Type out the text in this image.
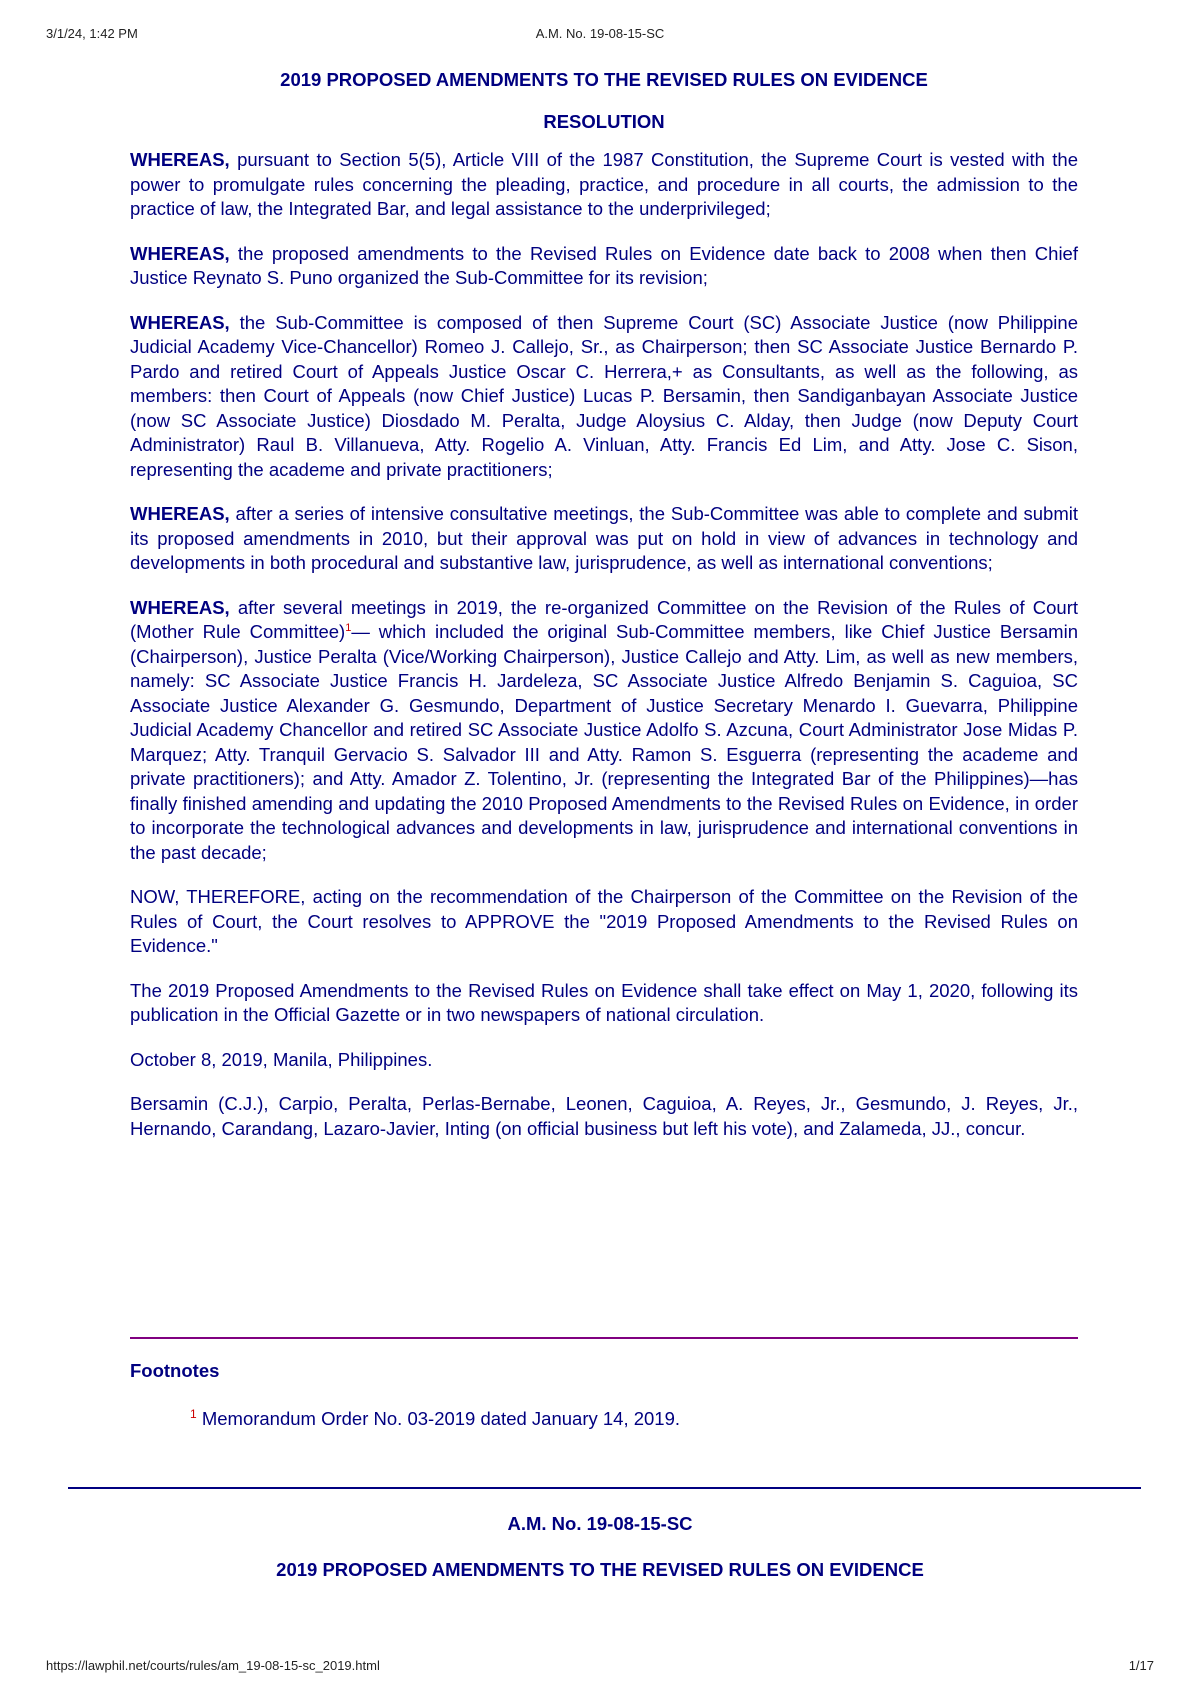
3/1/24, 1:42 PM	A.M. No. 19-08-15-SC
2019 PROPOSED AMENDMENTS TO THE REVISED RULES ON EVIDENCE
RESOLUTION

WHEREAS, pursuant to Section 5(5), Article VIII of the 1987 Constitution, the Supreme Court is vested with the power to promulgate rules concerning the pleading, practice, and procedure in all courts, the admission to the practice of law, the Integrated Bar, and legal assistance to the underprivileged;

WHEREAS, the proposed amendments to the Revised Rules on Evidence date back to 2008 when then Chief Justice Reynato S. Puno organized the Sub-Committee for its revision;

WHEREAS, the Sub-Committee is composed of then Supreme Court (SC) Associate Justice (now Philippine Judicial Academy Vice-Chancellor) Romeo J. Callejo, Sr., as Chairperson; then SC Associate Justice Bernardo P. Pardo and retired Court of Appeals Justice Oscar C. Herrera,+ as Consultants, as well as the following, as members: then Court of Appeals (now Chief Justice) Lucas P. Bersamin, then Sandiganbayan Associate Justice (now SC Associate Justice) Diosdado M. Peralta, Judge Aloysius C. Alday, then Judge (now Deputy Court Administrator) Raul B. Villanueva, Atty. Rogelio A. Vinluan, Atty. Francis Ed Lim, and Atty. Jose C. Sison, representing the academe and private practitioners;

WHEREAS, after a series of intensive consultative meetings, the Sub-Committee was able to complete and submit its proposed amendments in 2010, but their approval was put on hold in view of advances in technology and developments in both procedural and substantive law, jurisprudence, as well as international conventions;

WHEREAS, after several meetings in 2019, the re-organized Committee on the Revision of the Rules of Court (Mother Rule Committee)$^1$— which included the original Sub-Committee members, like Chief Justice Bersamin (Chairperson), Justice Peralta (Vice/Working Chairperson), Justice Callejo and Atty. Lim, as well as new members, namely: SC Associate Justice Francis H. Jardeleza, SC Associate Justice Alfredo Benjamin S. Caguioa, SC Associate Justice Alexander G. Gesmundo, Department of Justice Secretary Menardo I. Guevarra, Philippine Judicial Academy Chancellor and retired SC Associate Justice Adolfo S. Azcuna, Court Administrator Jose Midas P. Marquez; Atty. Tranquil Gervacio S. Salvador III and Atty. Ramon S. Esguerra (representing the academe and private practitioners); and Atty. Amador Z. Tolentino, Jr. (representing the Integrated Bar of the Philippines)—has finally finished amending and updating the 2010 Proposed Amendments to the Revised Rules on Evidence, in order to incorporate the technological advances and developments in law, jurisprudence and international conventions in the past decade;

NOW, THEREFORE, acting on the recommendation of the Chairperson of the Committee on the Revision of the Rules of Court, the Court resolves to APPROVE the "2019 Proposed Amendments to the Revised Rules on Evidence."

The 2019 Proposed Amendments to the Revised Rules on Evidence shall take effect on May 1, 2020, following its publication in the Official Gazette or in two newspapers of national circulation.

October 8, 2019, Manila, Philippines.

Bersamin (C.J.), Carpio, Peralta, Perlas-Bernabe, Leonen, Caguioa, A. Reyes, Jr., Gesmundo, J. Reyes, Jr., Hernando, Carandang, Lazaro-Javier, Inting (on official business but left his vote), and Zalameda, JJ., concur.

Footnotes
$^1$ Memorandum Order No. 03-2019 dated January 14, 2019.
A.M. No. 19-08-15-SC
2019 PROPOSED AMENDMENTS TO THE REVISED RULES ON EVIDENCE
https://lawphil.net/courts/rules/am_19-08-15-sc_2019.html	1/17
